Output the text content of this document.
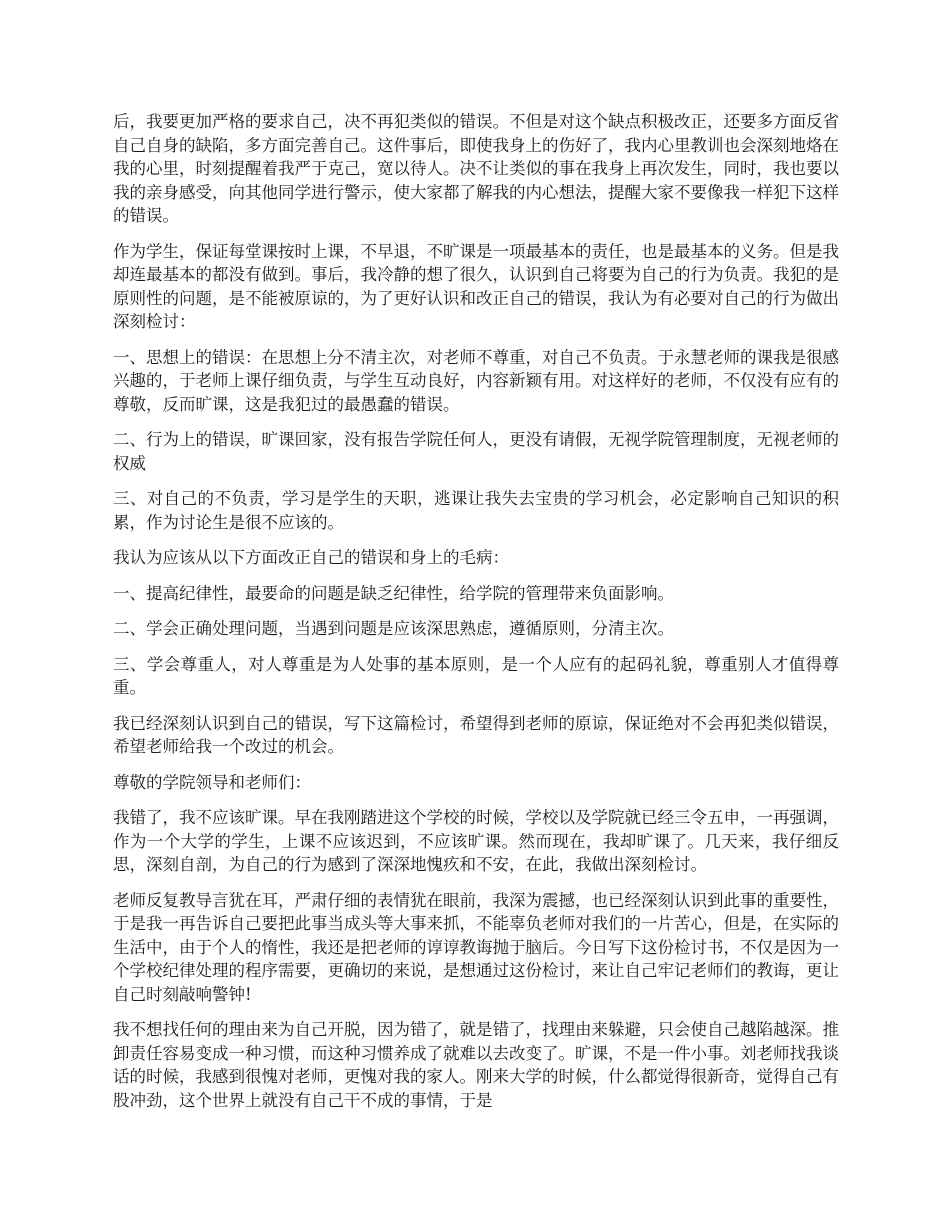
后，我要更加严格的要求自己，决不再犯类似的错误。不但是对这个缺点积极改正，还要多方面反省自己自身的缺陷，多方面完善自己。这件事后，即使我身上的伤好了，我内心里教训也会深刻地烙在我的心里，时刻提醒着我严于克己，宽以待人。决不让类似的事在我身上再次发生，同时，我也要以我的亲身感受，向其他同学进行警示，使大家都了解我的内心想法，提醒大家不要像我一样犯下这样的错误。

作为学生，保证每堂课按时上课，不早退，不旷课是一项最基本的责任，也是最基本的义务。但是我却连最基本的都没有做到。事后，我冷静的想了很久，认识到自己将要为自己的行为负责。我犯的是原则性的问题，是不能被原谅的，为了更好认识和改正自己的错误，我认为有必要对自己的行为做出深刻检讨：

一、思想上的错误：在思想上分不清主次，对老师不尊重，对自己不负责。于永慧老师的课我是很感兴趣的，于老师上课仔细负责，与学生互动良好，内容新颖有用。对这样好的老师，不仅没有应有的尊敬，反而旷课，这是我犯过的最愚蠢的错误。

二、行为上的错误，旷课回家，没有报告学院任何人，更没有请假，无视学院管理制度，无视老师的权威

三、对自己的不负责，学习是学生的天职，逃课让我失去宝贵的学习机会，必定影响自己知识的积累，作为讨论生是很不应该的。

我认为应该从以下方面改正自己的错误和身上的毛病：

一、提高纪律性，最要命的问题是缺乏纪律性，给学院的管理带来负面影响。

二、学会正确处理问题，当遇到问题是应该深思熟虑，遵循原则，分清主次。

三、学会尊重人，对人尊重是为人处事的基本原则，是一个人应有的起码礼貌，尊重别人才值得尊重。

我已经深刻认识到自己的错误，写下这篇检讨，希望得到老师的原谅，保证绝对不会再犯类似错误，希望老师给我一个改过的机会。

尊敬的学院领导和老师们：

我错了，我不应该旷课。早在我刚踏进这个学校的时候，学校以及学院就已经三令五申，一再强调，作为一个大学的学生，上课不应该迟到，不应该旷课。然而现在，我却旷课了。几天来，我仔细反思，深刻自剖，为自己的行为感到了深深地愧疚和不安，在此，我做出深刻检讨。

老师反复教导言犹在耳，严肃仔细的表情犹在眼前，我深为震撼，也已经深刻认识到此事的重要性，于是我一再告诉自己要把此事当成头等大事来抓，不能辜负老师对我们的一片苦心，但是，在实际的生活中，由于个人的惰性，我还是把老师的谆谆教诲抛于脑后。今日写下这份检讨书，不仅是因为一个学校纪律处理的程序需要，更确切的来说，是想通过这份检讨，来让自己牢记老师们的教诲，更让自己时刻敲响警钟!

我不想找任何的理由来为自己开脱，因为错了，就是错了，找理由来躲避，只会使自己越陷越深。推卸责任容易变成一种习惯，而这种习惯养成了就难以去改变了。旷课，不是一件小事。刘老师找我谈话的时候，我感到很愧对老师，更愧对我的家人。刚来大学的时候，什么都觉得很新奇，觉得自己有股冲劲，这个世界上就没有自己干不成的事情，于是
